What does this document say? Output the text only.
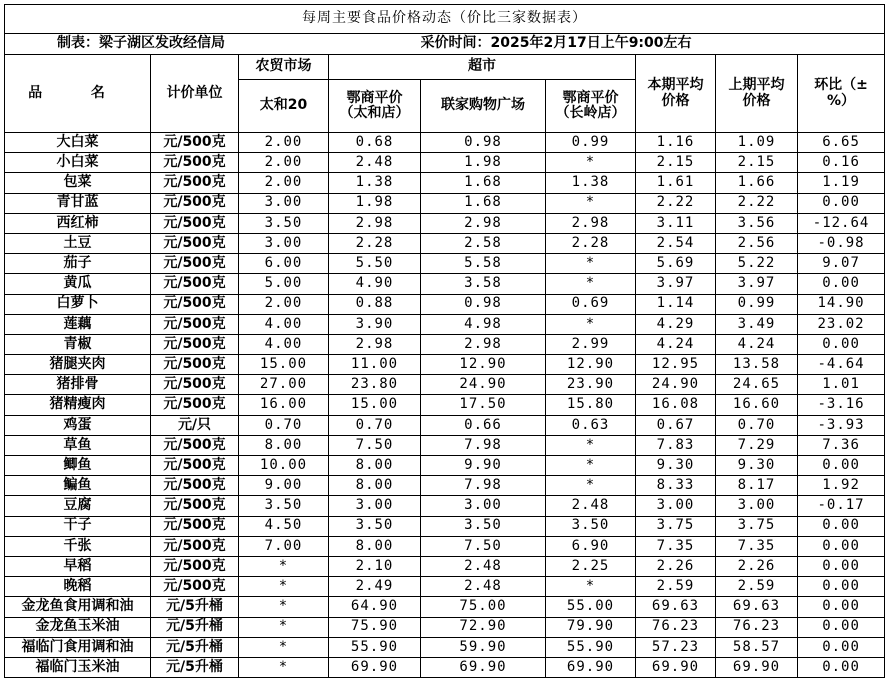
每周主要食品价格动态（价比三家数据表）								
制表：梁子湖区发改经信局				采价时间：2025年2月17日上午9:00左右				
品 名	计价单位	农贸市场	超市			本期平均价格	上期平均价格	环比（±%）
		太和20	鄂商平价（太和店）	联家购物广场	鄂商平价（长岭店）			
大白菜	元/500克	2.00	0.68	0.98	0.99	1.16	1.09	6.65
小白菜	元/500克	2.00	2.48	1.98	*	2.15	2.15	0.16
包菜	元/500克	2.00	1.38	1.68	1.38	1.61	1.66	1.19
青甘蓝	元/500克	3.00	1.98	1.68	*	2.22	2.22	0.00
西红柿	元/500克	3.50	2.98	2.98	2.98	3.11	3.56	-12.64
土豆	元/500克	3.00	2.28	2.58	2.28	2.54	2.56	-0.98
茄子	元/500克	6.00	5.50	5.58	*	5.69	5.22	9.07
黄瓜	元/500克	5.00	4.90	3.58	*	3.97	3.97	0.00
白萝卜	元/500克	2.00	0.88	0.98	0.69	1.14	0.99	14.90
莲藕	元/500克	4.00	3.90	4.98	*	4.29	3.49	23.02
青椒	元/500克	4.00	2.98	2.98	2.99	4.24	4.24	0.00
猪腿夹肉	元/500克	15.00	11.00	12.90	12.90	12.95	13.58	-4.64
猪排骨	元/500克	27.00	23.80	24.90	23.90	24.90	24.65	1.01
猪精瘦肉	元/500克	16.00	15.00	17.50	15.80	16.08	16.60	-3.16
鸡蛋	元/只	0.70	0.70	0.66	0.63	0.67	0.70	-3.93
草鱼	元/500克	8.00	7.50	7.98	*	7.83	7.29	7.36
鲫鱼	元/500克	10.00	8.00	9.90	*	9.30	9.30	0.00
鳊鱼	元/500克	9.00	8.00	7.98	*	8.33	8.17	1.92
豆腐	元/500克	3.50	3.00	3.00	2.48	3.00	3.00	-0.17
干子	元/500克	4.50	3.50	3.50	3.50	3.75	3.75	0.00
千张	元/500克	7.00	8.00	7.50	6.90	7.35	7.35	0.00
早稻	元/500克	*	2.10	2.48	2.25	2.26	2.26	0.00
晚稻	元/500克	*	2.49	2.48	*	2.59	2.59	0.00
金龙鱼食用调和油	元/5升桶	*	64.90	75.00	55.00	69.63	69.63	0.00
金龙鱼玉米油	元/5升桶	*	75.90	72.90	79.90	76.23	76.23	0.00
福临门食用调和油	元/5升桶	*	55.90	59.90	55.90	57.23	58.57	0.00
福临门玉米油	元/5升桶	*	69.90	69.90	69.90	69.90	69.90	0.00
